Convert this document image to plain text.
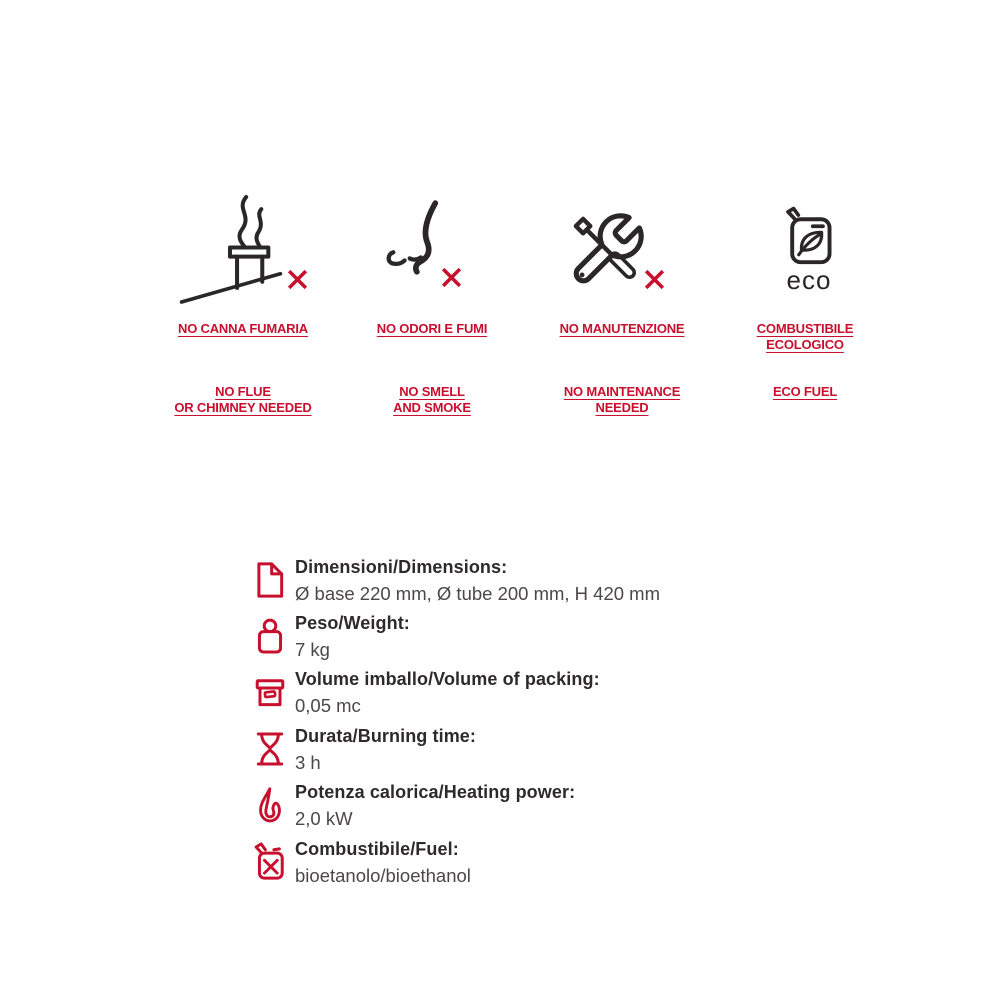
NO CANNA FUMARIA
NO FLUE
OR CHIMNEY NEEDED
NO ODORI E FUMI
NO SMELL
AND SMOKE
NO MANUTENZIONE
NO MAINTENANCE
NEEDED
eco
COMBUSTIBILE
ECOLOGICO
ECO FUEL
Dimensioni/Dimensions:
Ø base 220 mm, Ø tube 200 mm, H 420 mm
Peso/Weight:
7 kg
Volume imballo/Volume of packing:
0,05 mc
Durata/Burning time:
3 h
Potenza calorica/Heating power:
2,0 kW
Combustibile/Fuel:
bioetanolo/bioethanol
